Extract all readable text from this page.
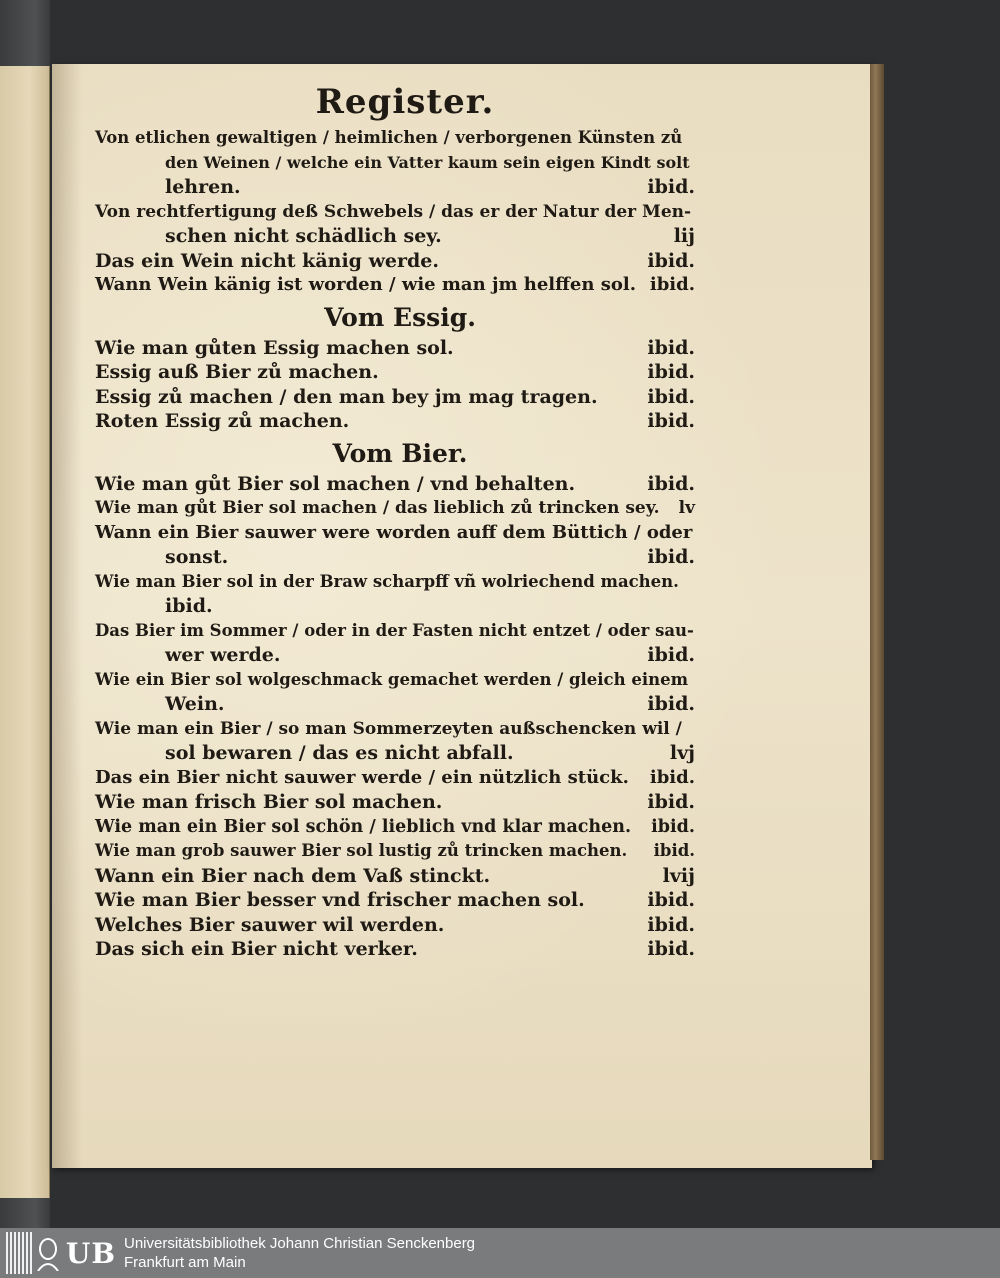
Register.
Von etlichen gewaltigen / heimlichen / verborgenen Künsten zů
den Weinen / welche ein Vatter kaum sein eigen Kindt solt
lehren.	ibid.
Von rechtfertigung deß Schwebels / das er der Natur der Men-
schen nicht schädlich sey.	lij
Das ein Wein nicht känig werde.	ibid.
Wann Wein känig ist worden / wie man jm helffen sol. ibid.
Vom Essig.
Wie man gůten Essig machen sol.	ibid.
Essig auß Bier zů machen.	ibid.
Essig zů machen / den man bey jm mag tragen.	ibid.
Roten Essig zů machen.	ibid.
Vom Bier.
Wie man gůt Bier sol machen / vnd behalten.	ibid.
Wie man gůt Bier sol machen / das lieblich zů trincken sey.	lv
Wann ein Bier sauwer were worden auff dem Büttich / oder
sonst.	ibid.
Wie man Bier sol in der Braw scharpff vñ wolriechend machen.
ibid.
Das Bier im Sommer / oder in der Fasten nicht entzet / oder sau-
wer werde.	ibid.
Wie ein Bier sol wolgeschmack gemachet werden / gleich einem
Wein.	ibid.
Wie man ein Bier / so man Sommerzeyten außschencken wil /
sol bewaren / das es nicht abfall.	lvj
Das ein Bier nicht sauwer werde / ein nützlich stück.	ibid.
Wie man frisch Bier sol machen.	ibid.
Wie man ein Bier sol schön / lieblich vnd klar machen.	ibid.
Wie man grob sauwer Bier sol lustig zů trincken machen.	ibid.
Wann ein Bier nach dem Vaß stinckt.	lvij
Wie man Bier besser vnd frischer machen sol.	ibid.
Welches Bier sauwer wil werden.	ibid.
Das sich ein Bier nicht verker.	ibid.
UB Universitätsbibliothek Johann Christian Senckenberg
Frankfurt am Main
